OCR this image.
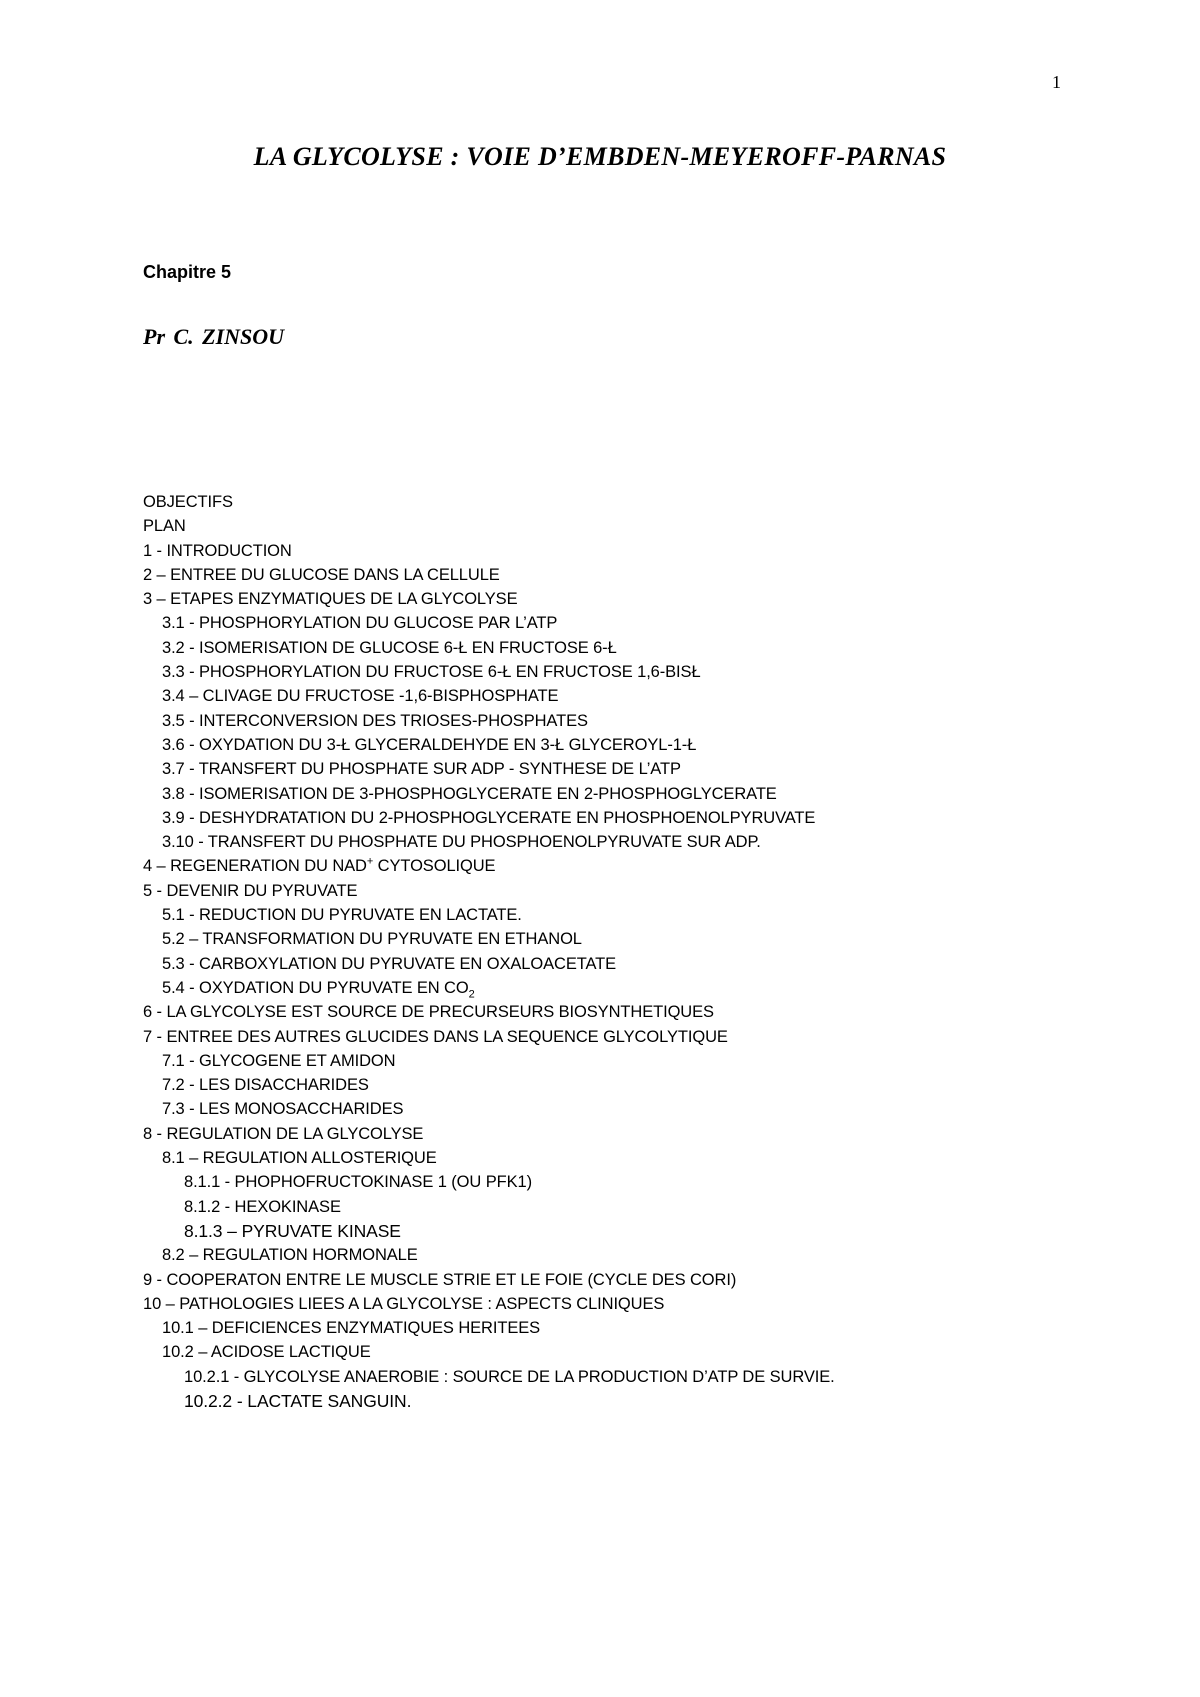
1
LA GLYCOLYSE : VOIE D’EMBDEN-MEYEROFF-PARNAS
Chapitre 5
Pr C. ZINSOU
OBJECTIFS
PLAN
1 - INTRODUCTION
2 – ENTREE DU GLUCOSE DANS LA CELLULE
3 – ETAPES ENZYMATIQUES DE LA GLYCOLYSE
3.1 - PHOSPHORYLATION DU GLUCOSE PAR L’ATP
3.2 - ISOMERISATION DE GLUCOSE 6-Ł EN FRUCTOSE 6-Ł
3.3 - PHOSPHORYLATION DU FRUCTOSE 6-Ł EN FRUCTOSE 1,6-BISŁ
3.4 – CLIVAGE DU FRUCTOSE -1,6-BISPHOSPHATE
3.5 - INTERCONVERSION DES TRIOSES-PHOSPHATES
3.6 - OXYDATION DU 3-Ł GLYCERALDEHYDE EN 3-Ł GLYCEROYL-1-Ł
3.7 - TRANSFERT DU PHOSPHATE SUR ADP - SYNTHESE DE L’ATP
3.8 - ISOMERISATION DE 3-PHOSPHOGLYCERATE EN 2-PHOSPHOGLYCERATE
3.9 - DESHYDRATATION DU 2-PHOSPHOGLYCERATE EN PHOSPHOENOLPYRUVATE
3.10 - TRANSFERT DU PHOSPHATE DU PHOSPHOENOLPYRUVATE SUR ADP.
4 – REGENERATION DU NAD+ CYTOSOLIQUE
5 - DEVENIR DU PYRUVATE
5.1 - REDUCTION DU PYRUVATE EN LACTATE.
5.2 – TRANSFORMATION DU PYRUVATE EN ETHANOL
5.3 - CARBOXYLATION DU PYRUVATE EN OXALOACETATE
5.4 - OXYDATION DU PYRUVATE EN $CO_2$
6 - LA GLYCOLYSE EST SOURCE DE PRECURSEURS BIOSYNTHETIQUES
7 - ENTREE DES AUTRES GLUCIDES DANS LA SEQUENCE GLYCOLYTIQUE
7.1 - GLYCOGENE ET AMIDON
7.2 - LES DISACCHARIDES
7.3 - LES MONOSACCHARIDES
8 - REGULATION DE LA GLYCOLYSE
8.1 – REGULATION ALLOSTERIQUE
8.1.1 - PHOPHOFRUCTOKINASE 1 (OU PFK1)
8.1.2 - HEXOKINASE
8.1.3 – PYRUVATE KINASE
8.2 – REGULATION HORMONALE
9 - COOPERATON ENTRE LE MUSCLE STRIE ET LE FOIE (CYCLE DES CORI)
10 – PATHOLOGIES LIEES A LA GLYCOLYSE : ASPECTS CLINIQUES
10.1 – DEFICIENCES ENZYMATIQUES HERITEES
10.2 – ACIDOSE LACTIQUE
10.2.1 - GLYCOLYSE ANAEROBIE : SOURCE DE LA PRODUCTION D’ATP DE SURVIE.
10.2.2 - LACTATE SANGUIN.
